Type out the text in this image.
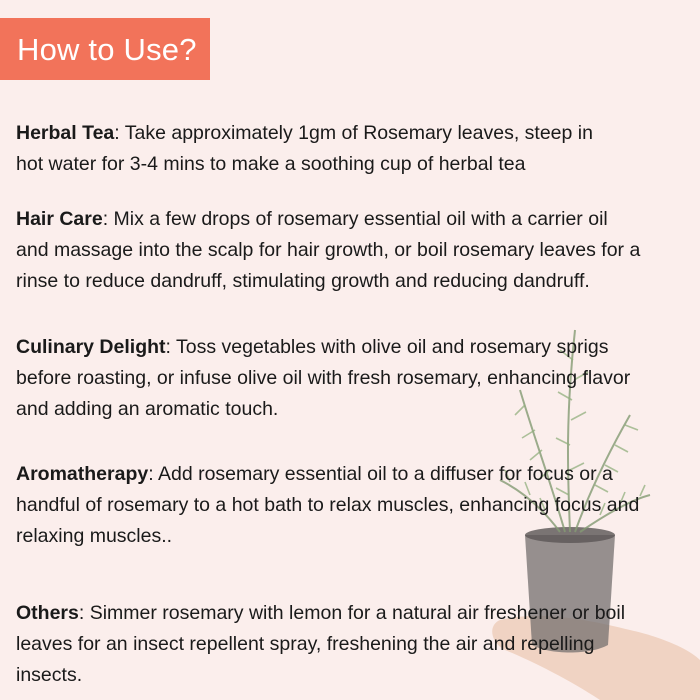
How to Use?
Herbal Tea: Take approximately 1gm of Rosemary leaves, steep in
hot water for 3-4 mins to make a soothing cup of herbal tea
Hair Care: Mix a few drops of rosemary essential oil with a carrier oil
and massage into the scalp for hair growth, or boil rosemary leaves for a
rinse to reduce dandruff, stimulating growth and reducing dandruff.
Culinary Delight: Toss vegetables with olive oil and rosemary sprigs
before roasting, or infuse olive oil with fresh rosemary, enhancing flavor
and adding an aromatic touch.
Aromatherapy: Add rosemary essential oil to a diffuser for focus or a
handful of rosemary to a hot bath to relax muscles, enhancing focus and
relaxing muscles..
Others: Simmer rosemary with lemon for a natural air freshener or boil
leaves for an insect repellent spray, freshening the air and repelling
insects.
